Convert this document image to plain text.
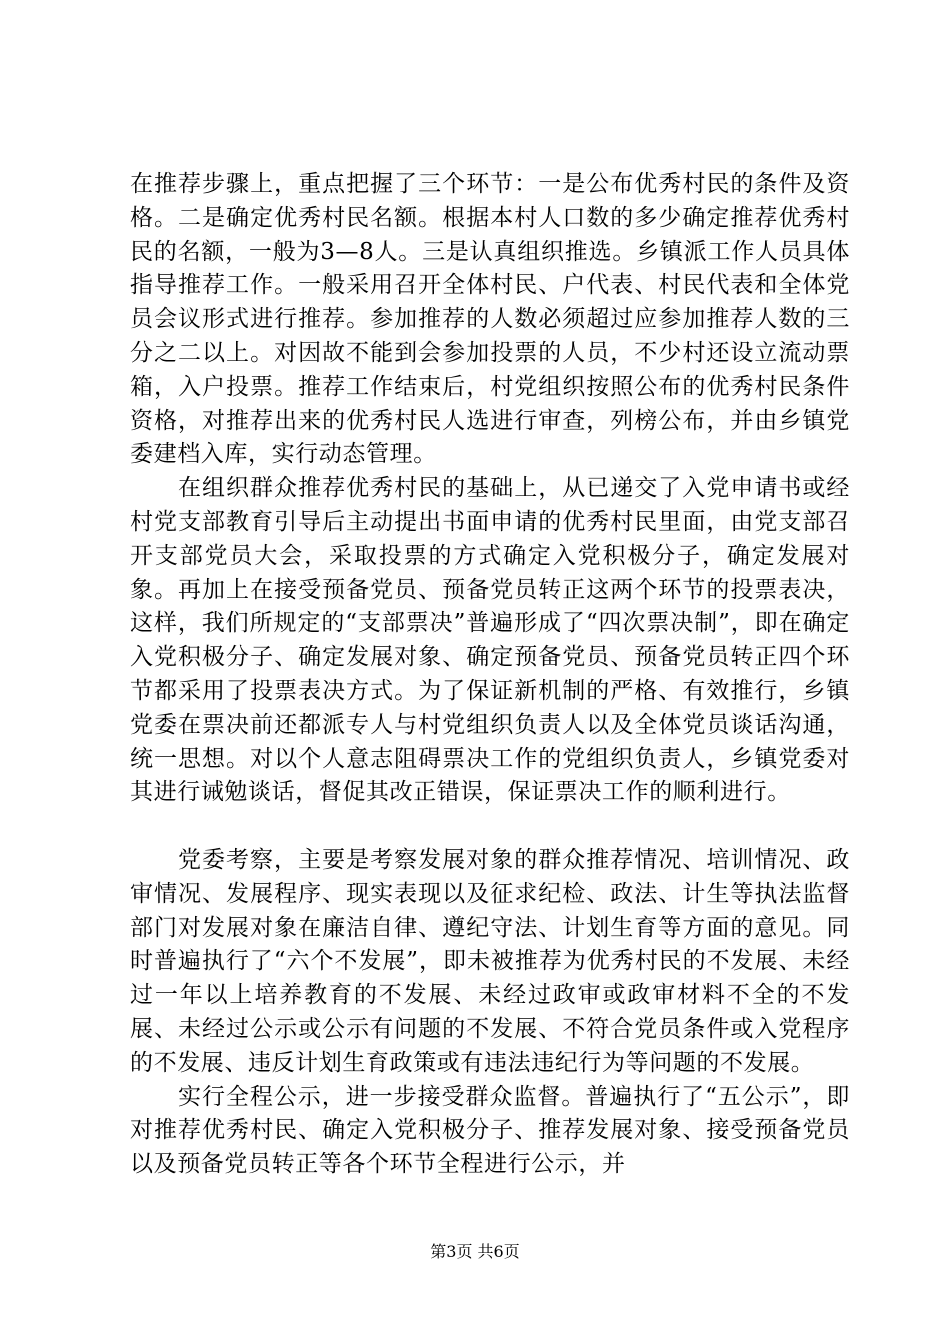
在推荐步骤上，重点把握了三个环节：一是公布优秀村民的条件及资格。二是确定优秀村民名额。根据本村人口数的多少确定推荐优秀村民的名额，一般为3—8人。三是认真组织推选。乡镇派工作人员具体指导推荐工作。一般采用召开全体村民、户代表、村民代表和全体党员会议形式进行推荐。参加推荐的人数必须超过应参加推荐人数的三分之二以上。对因故不能到会参加投票的人员，不少村还设立流动票箱，入户投票。推荐工作结束后，村党组织按照公布的优秀村民条件资格，对推荐出来的优秀村民人选进行审查，列榜公布，并由乡镇党委建档入库，实行动态管理。

在组织群众推荐优秀村民的基础上，从已递交了入党申请书或经村党支部教育引导后主动提出书面申请的优秀村民里面，由党支部召开支部党员大会，采取投票的方式确定入党积极分子，确定发展对象。再加上在接受预备党员、预备党员转正这两个环节的投票表决，这样，我们所规定的“支部票决”普遍形成了“四次票决制”，即在确定入党积极分子、确定发展对象、确定预备党员、预备党员转正四个环节都采用了投票表决方式。为了保证新机制的严格、有效推行，乡镇党委在票决前还都派专人与村党组织负责人以及全体党员谈话沟通，统一思想。对以个人意志阻碍票决工作的党组织负责人，乡镇党委对其进行诫勉谈话，督促其改正错误，保证票决工作的顺利进行。

党委考察，主要是考察发展对象的群众推荐情况、培训情况、政审情况、发展程序、现实表现以及征求纪检、政法、计生等执法监督部门对发展对象在廉洁自律、遵纪守法、计划生育等方面的意见。同时普遍执行了“六个不发展”，即未被推荐为优秀村民的不发展、未经过一年以上培养教育的不发展、未经过政审或政审材料不全的不发展、未经过公示或公示有问题的不发展、不符合党员条件或入党程序的不发展、违反计划生育政策或有违法违纪行为等问题的不发展。

实行全程公示，进一步接受群众监督。普遍执行了“五公示”，即对推荐优秀村民、确定入党积极分子、推荐发展对象、接受预备党员以及预备党员转正等各个环节全程进行公示，并

第3页 共6页
